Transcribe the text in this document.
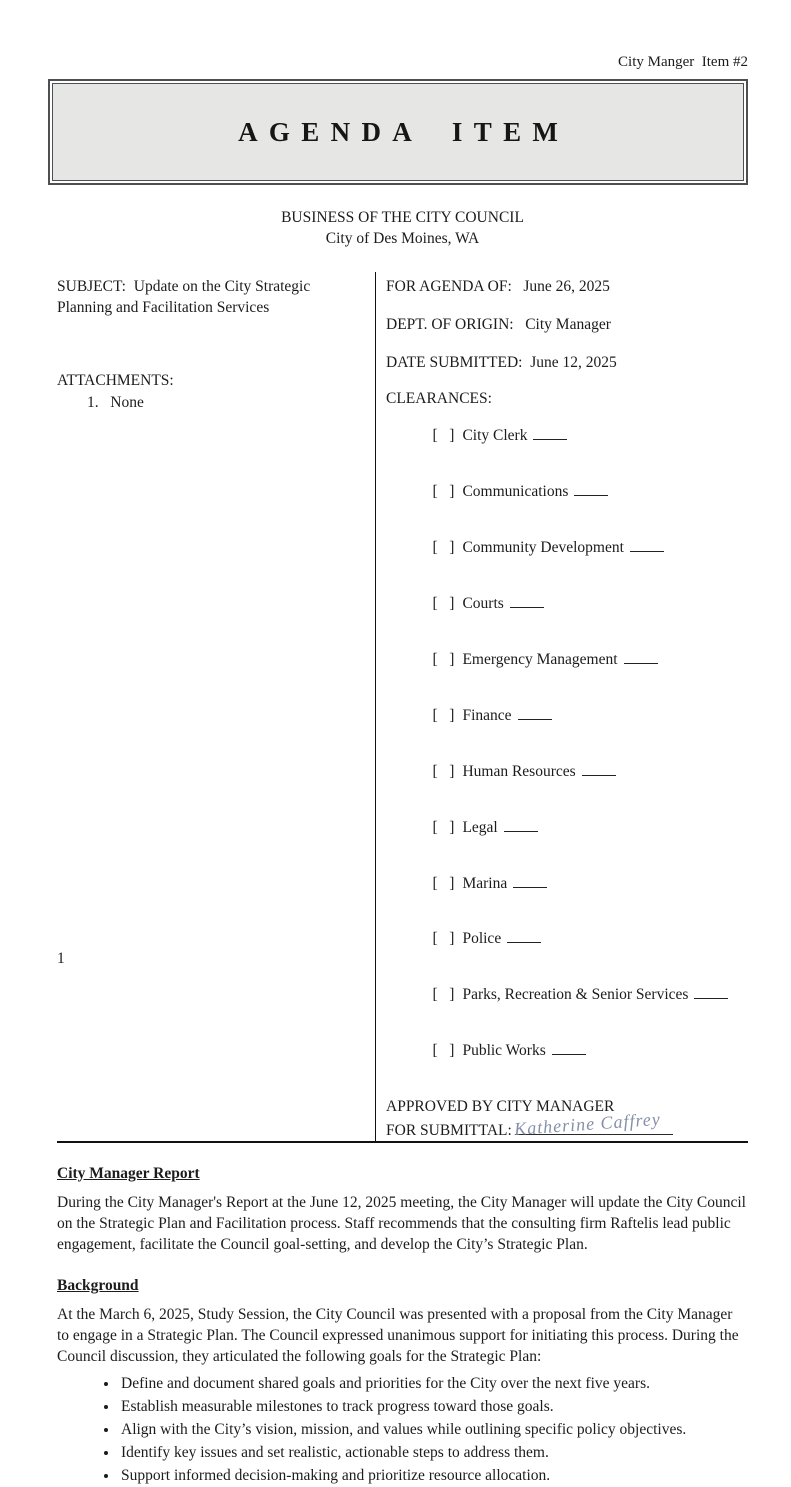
City Manger  Item #2
AGENDA ITEM
BUSINESS OF THE CITY COUNCIL
City of Des Moines, WA

SUBJECT: Update on the City Strategic Planning and Facilitation Services

ATTACHMENTS:
1.   None
FOR AGENDA OF: June 26, 2025
DEPT. OF ORIGIN: City Manager
DATE SUBMITTED: June 12, 2025
CLEARANCES:

[   ] City Clerk

[   ] Communications

[   ] Community Development

[   ] Courts

[   ] Emergency Management

[   ] Finance

[   ] Human Resources

[   ] Legal

[   ] Marina

[   ] Police

[   ] Parks, Recreation & Senior Services

[   ] Public Works

APPROVED BY CITY MANAGER
FOR SUBMITTAL: Katherine Caffrey
City Manager Report

During the City Manager's Report at the June 12, 2025 meeting, the City Manager will update the City Council on the Strategic Plan and Facilitation process. Staff recommends that the consulting firm Raftelis lead public engagement, facilitate the Council goal-setting, and develop the City’s Strategic Plan.

Background

At the March 6, 2025, Study Session, the City Council was presented with a proposal from the City Manager to engage in a Strategic Plan. The Council expressed unanimous support for initiating this process. During the Council discussion, they articulated the following goals for the Strategic Plan:

• Define and document shared goals and priorities for the City over the next five years.
• Establish measurable milestones to track progress toward those goals.
• Align with the City’s vision, mission, and values while outlining specific policy objectives.
• Identify key issues and set realistic, actionable steps to address them.
• Support informed decision-making and prioritize resource allocation.
1
